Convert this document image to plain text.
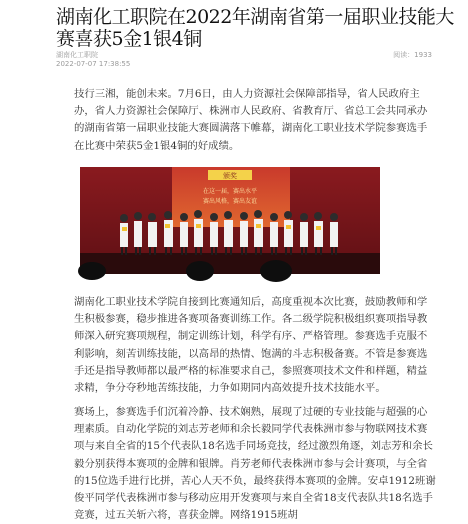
湖南化工职院在2022年湖南省第一届职业技能大赛喜获5金1银4铜
湖南化工职院
2022-07-07 17:38:55
阅读：1933

技行三湘，能创未来。7月6日，由人力资源社会保障部指导，省人民政府主办，省人力资源社会保障厅、株洲市人民政府、省教育厅、省总工会共同承办的湖南省第一届职业技能大赛圆满落下帷幕，湖南化工职业技术学院参赛选手在比赛中荣获5金1银4铜的好成绩。

颁奖
在这一届，赛出水平
赛出风格，赛出友谊

湖南化工职业技术学院自接到比赛通知后，高度重视本次比赛，鼓励教师和学生积极参赛，稳步推进各赛项备赛训练工作。各二级学院积极组织赛项指导教师深入研究赛项规程，制定训练计划，科学有序、严格管理。参赛选手克服不利影响，刻苦训练技能，以高昂的热情、饱满的斗志积极备赛。不管是参赛选手还是指导教师都以最严格的标准要求自己，参照赛项技术文件和样题，精益求精，争分夺秒地苦练技能，力争如期同内高效提升技术技能水平。

赛场上，参赛选手们沉着冷静、技术娴熟，展现了过硬的专业技能与超强的心理素质。自动化学院的刘志芳老师和余长毅同学代表株洲市参与物联网技术赛项与来自全省的15个代表队18名选手同场竞技，经过激烈角逐，刘志芳和余长毅分别获得本赛项的金牌和银牌。肖芳老师代表株洲市参与会计赛项，与全省的15位选手进行比拼，苦心人天不负，最终获得本赛项的金牌。安卓1912班谢俊平同学代表株洲市参与移动应用开发赛项与来自全省18支代表队共18名选手竞赛，过五关斩六将，喜获金牌。网络1915班胡
